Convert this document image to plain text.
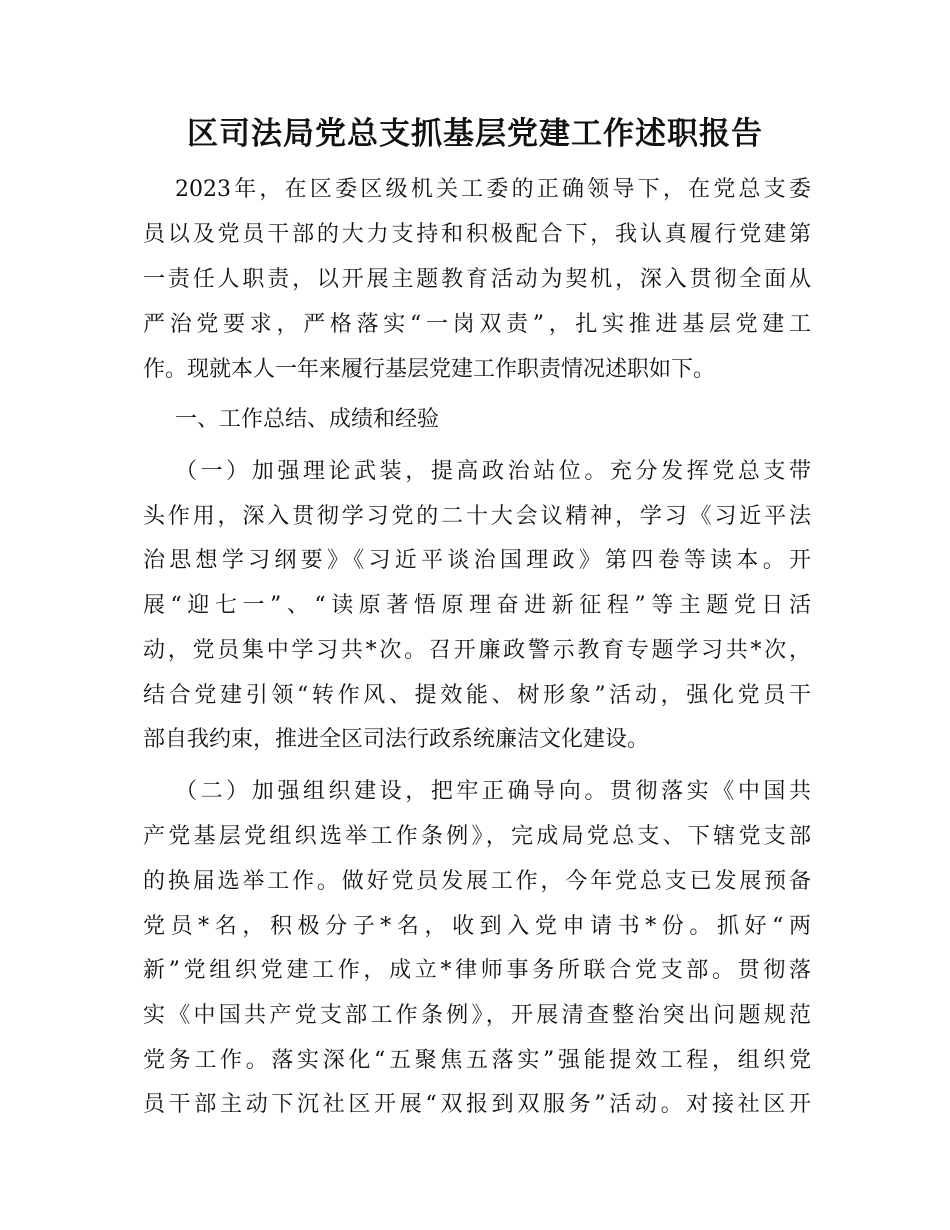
区司法局党总支抓基层党建工作述职报告
2023年，在区委区级机关工委的正确领导下，在党总支委
员以及党员干部的大力支持和积极配合下，我认真履行党建第
一责任人职责，以开展主题教育活动为契机，深入贯彻全面从
严治党要求，严格落实“一岗双责”，扎实推进基层党建工
作。现就本人一年来履行基层党建工作职责情况述职如下。
一、工作总结、成绩和经验
（一）加强理论武装，提高政治站位。充分发挥党总支带
头作用，深入贯彻学习党的二十大会议精神，学习《习近平法
治思想学习纲要》《习近平谈治国理政》第四卷等读本。开
展“迎七一”、“读原著悟原理奋进新征程”等主题党日活
动，党员集中学习共*次。召开廉政警示教育专题学习共*次，
结合党建引领“转作风、提效能、树形象”活动，强化党员干
部自我约束，推进全区司法行政系统廉洁文化建设。
（二）加强组织建设，把牢正确导向。贯彻落实《中国共
产党基层党组织选举工作条例》，完成局党总支、下辖党支部
的换届选举工作。做好党员发展工作，今年党总支已发展预备
党员*名，积极分子*名，收到入党申请书*份。抓好“两
新”党组织党建工作，成立*律师事务所联合党支部。贯彻落
实《中国共产党支部工作条例》，开展清查整治突出问题规范
党务工作。落实深化“五聚焦五落实”强能提效工程，组织党
员干部主动下沉社区开展“双报到双服务”活动。对接社区开
